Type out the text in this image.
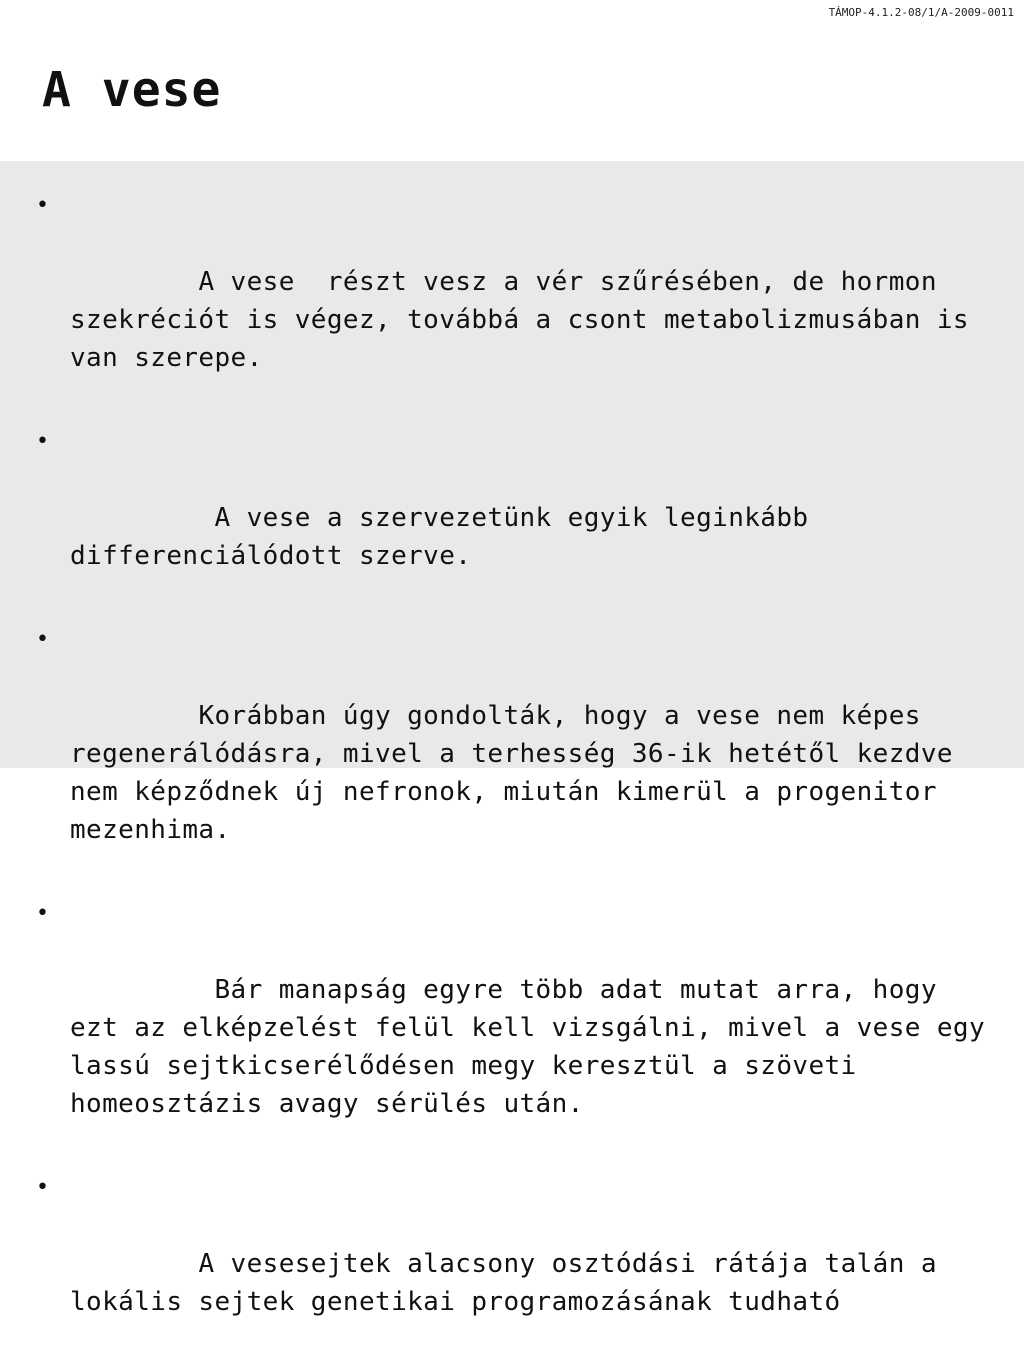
TÁMOP-4.1.2-08/1/A-2009-0011
A vese

•

A vese  részt vesz a vér szűrésében, de hormon szekréciót is végez, továbbá a csont metabolizmusában is van szerepe.

•

A vese a szervezetünk egyik leginkább differenciálódott szerve.

•

Korábban úgy gondolták, hogy a vese nem képes regenerálódásra, mivel a terhesség 36-ik hetétől kezdve nem képződnek új nefronok, miután kimerül a progenitor mezenhima.

•

Bár manapság egyre több adat mutat arra, hogy ezt az elképzelést felül kell vizsgálni, mivel a vese egy lassú sejtkicserélődésen megy keresztül a szöveti homeosztázis avagy sérülés után.

•

A vesesejtek alacsony osztódási rátája talán a lokális sejtek genetikai programozásának tudható
